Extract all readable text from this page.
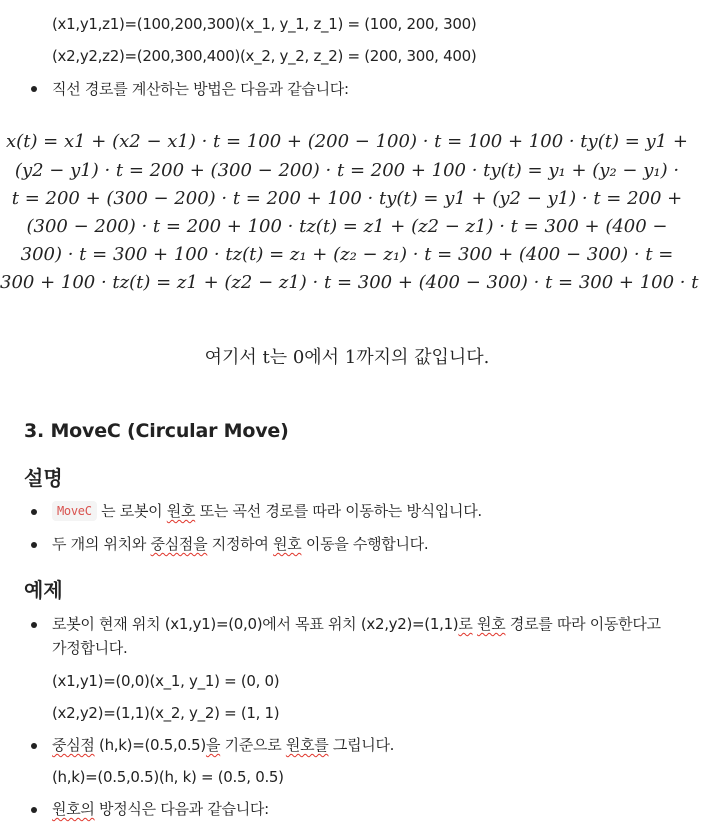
(x1,y1,z1)=(100,200,300)(x_1, y_1, z_1) = (100, 200, 300)
(x2,y2,z2)=(200,300,400)(x_2, y_2, z_2) = (200, 300, 400)
직선 경로를 계산하는 방법은 다음과 같습니다:
x(t) = x1 + (x2 − x1) · t = 100 + (200 − 100) · t = 100 + 100 · ty(t) = y1 +
(y2 − y1) · t = 200 + (300 − 200) · t = 200 + 100 · ty(t) = y₁ + (y₂ − y₁) ·
t = 200 + (300 − 200) · t = 200 + 100 · ty(t) = y1 + (y2 − y1) · t = 200 +
(300 − 200) · t = 200 + 100 · tz(t) = z1 + (z2 − z1) · t = 300 + (400 −
300) · t = 300 + 100 · tz(t) = z₁ + (z₂ − z₁) · t = 300 + (400 − 300) · t =
300 + 100 · tz(t) = z1 + (z2 − z1) · t = 300 + (400 − 300) · t = 300 + 100 · t
여기서 t는 0에서 1까지의 값입니다.
3. MoveC (Circular Move)
설명
MoveC 는 로봇이 원호 또는 곡선 경로를 따라 이동하는 방식입니다.
두 개의 위치와 중심점을 지정하여 원호 이동을 수행합니다.
예제
로봇이 현재 위치 (x1,y1)=(0,0)에서 목표 위치 (x2,y2)=(1,1)로 원호 경로를 따라 이동한다고
가정합니다.
(x1,y1)=(0,0)(x_1, y_1) = (0, 0)
(x2,y2)=(1,1)(x_2, y_2) = (1, 1)
중심점 (h,k)=(0.5,0.5)을 기준으로 원호를 그립니다.
(h,k)=(0.5,0.5)(h, k) = (0.5, 0.5)
원호의 방정식은 다음과 같습니다:
